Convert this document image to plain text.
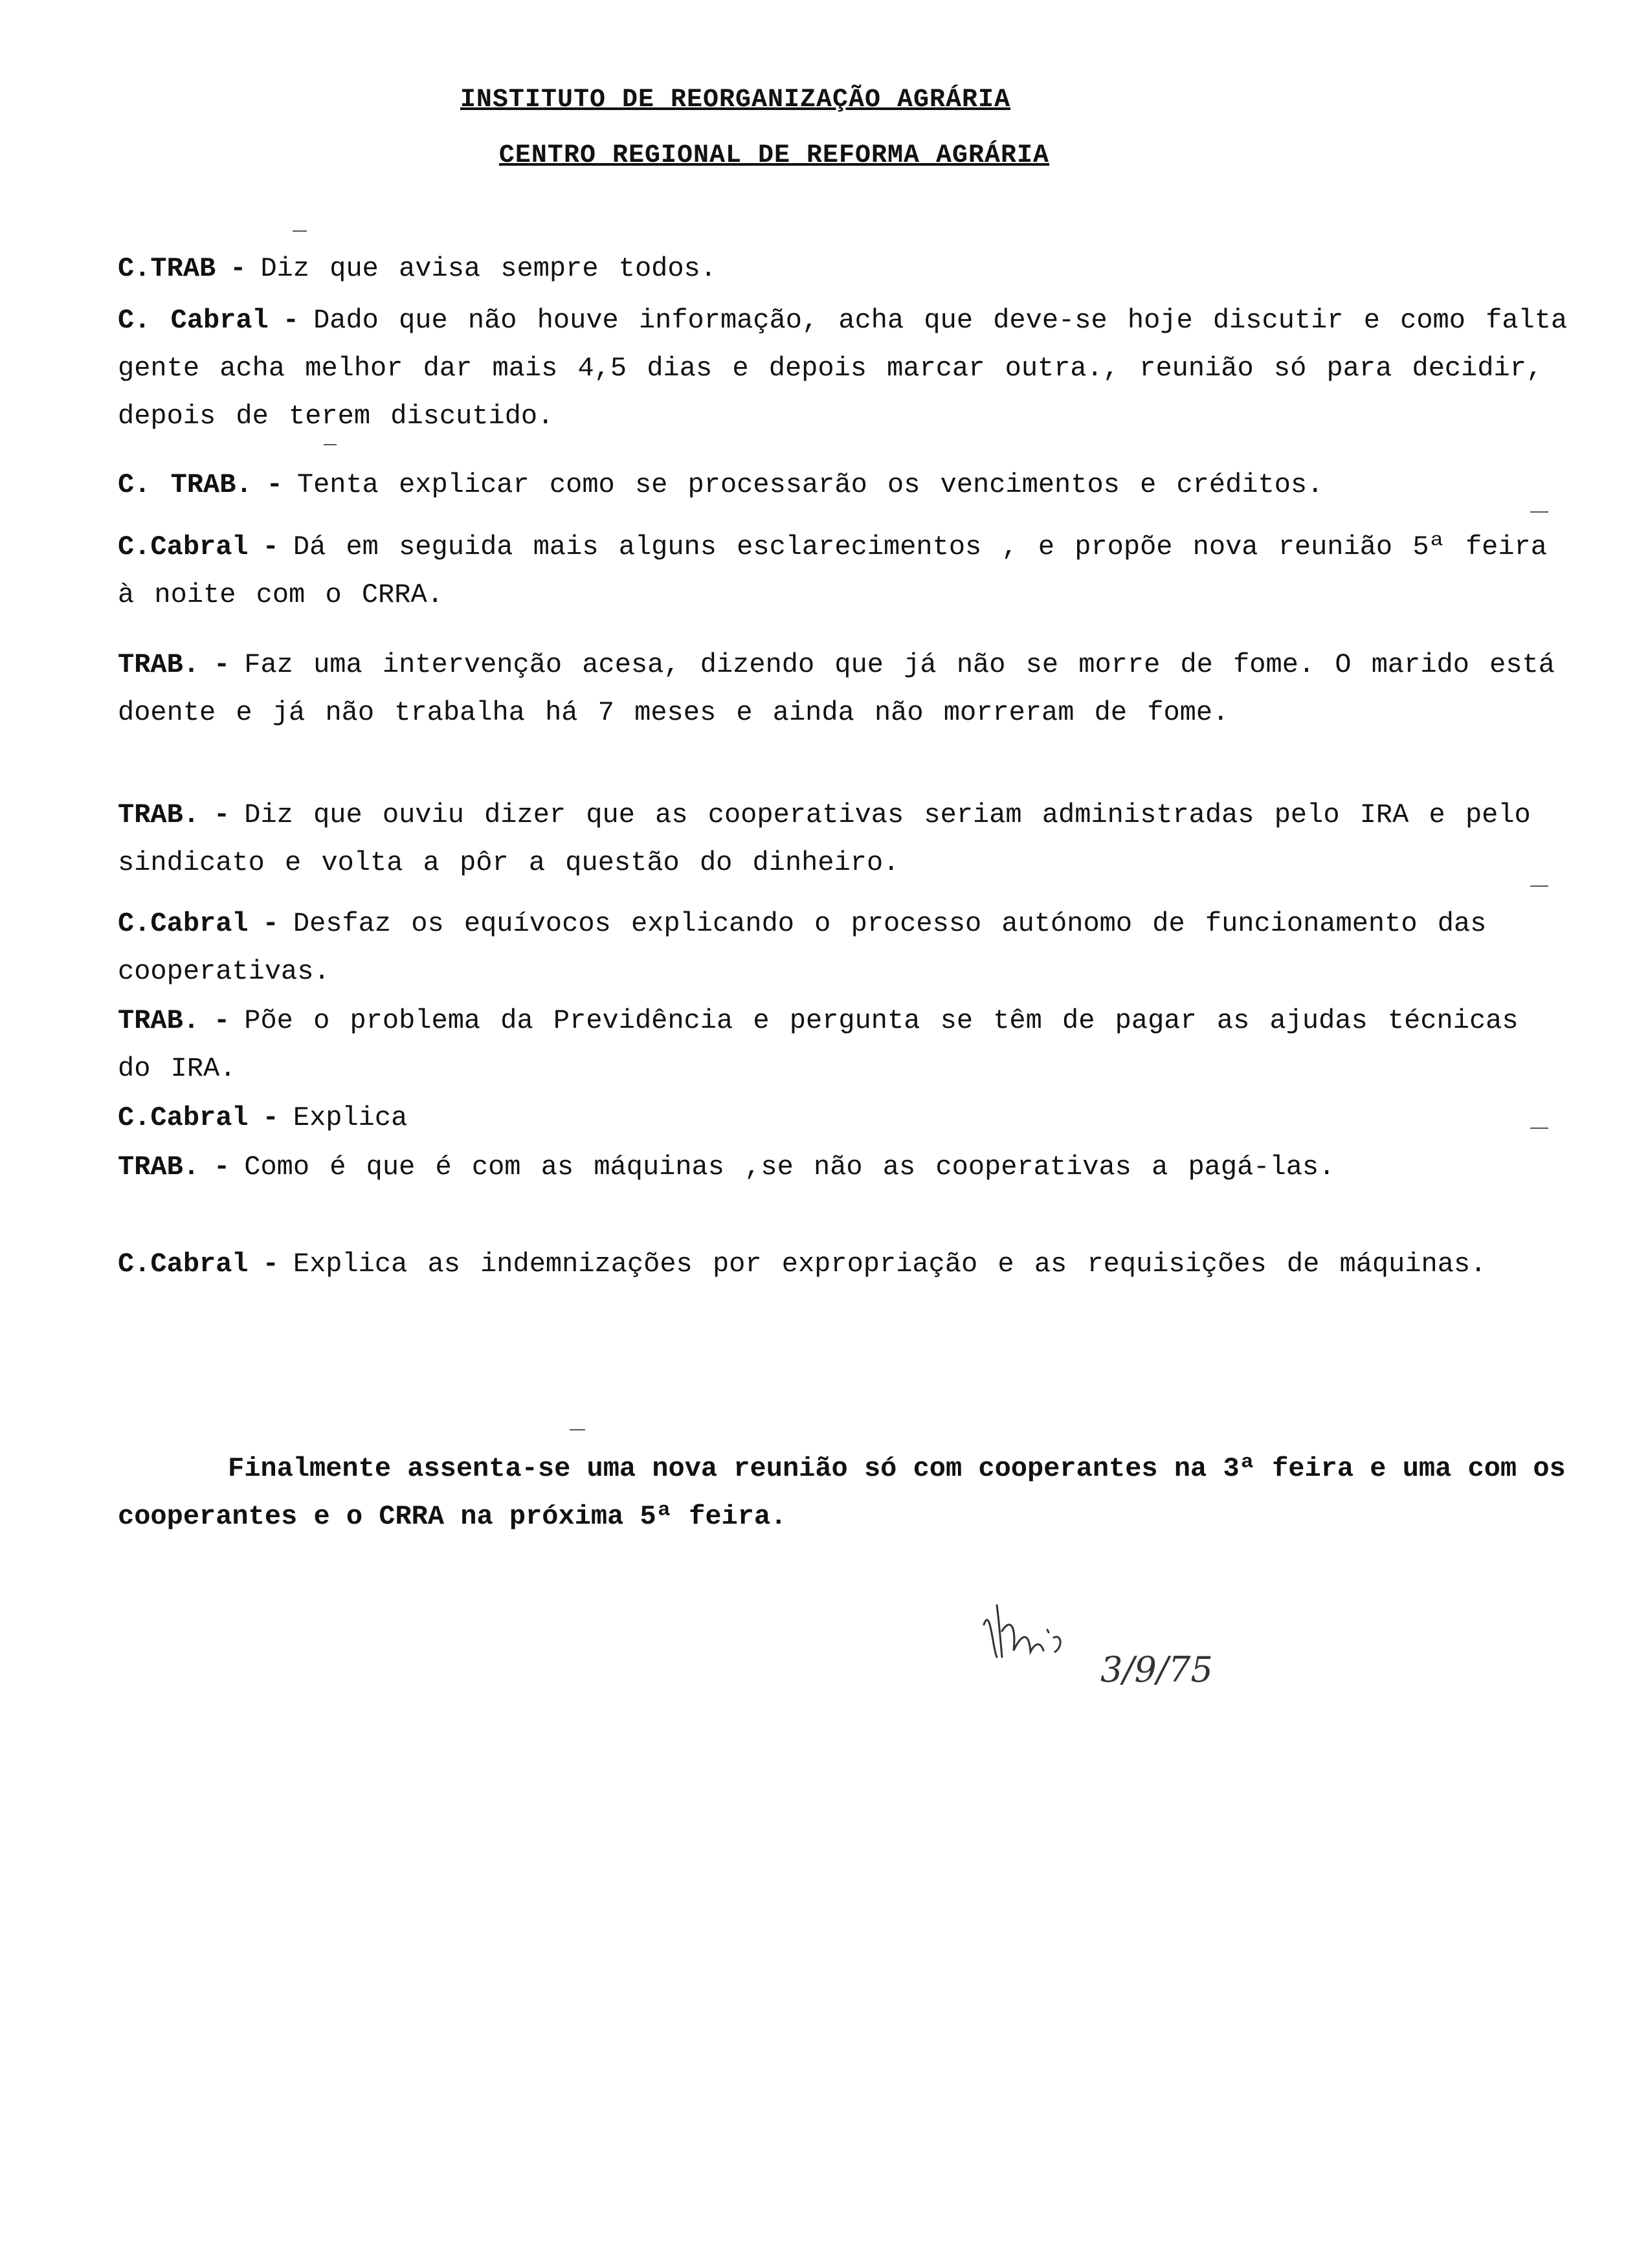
INSTITUTO DE REORGANIZAÇÃO AGRÁRIA
CENTRO REGIONAL DE REFORMA AGRÁRIA
C.TRAB - Diz que avisa sempre todos.
C. Cabral - Dado que não houve informação, acha que deve-se hoje discutir e como falta gente acha melhor dar mais 4,5 dias e depois marcar outra., reunião só para decidir, depois de terem discutido.
C. TRAB. - Tenta explicar como se processarão os vencimentos e créditos.
C.Cabral - Dá em seguida mais alguns esclarecimentos , e propõe nova reunião 5ª feira à noite com o CRRA.
TRAB. - Faz uma intervenção acesa, dizendo que já não se morre de fome. O marido está doente e já não trabalha há 7 meses e ainda não morreram de fome.
TRAB. - Diz que ouviu dizer que as cooperativas seriam administradas pelo IRA e pelo sindicato e volta a pôr a questão do dinheiro.
C.Cabral - Desfaz os equívocos explicando o processo autónomo de funcionamento das cooperativas.
TRAB. - Põe o problema da Previdência e pergunta se têm de pagar as ajudas técnicas do IRA.
C.Cabral - Explica
TRAB. - Como é que é com as máquinas ,se não as cooperativas a pagá-las.
C.Cabral - Explica as indemnizações por expropriação e as requisições de máquinas.
Finalmente assenta-se uma nova reunião só com cooperantes na 3ª feira e uma com os cooperantes e o CRRA na próxima 5ª feira.
3/9/75
